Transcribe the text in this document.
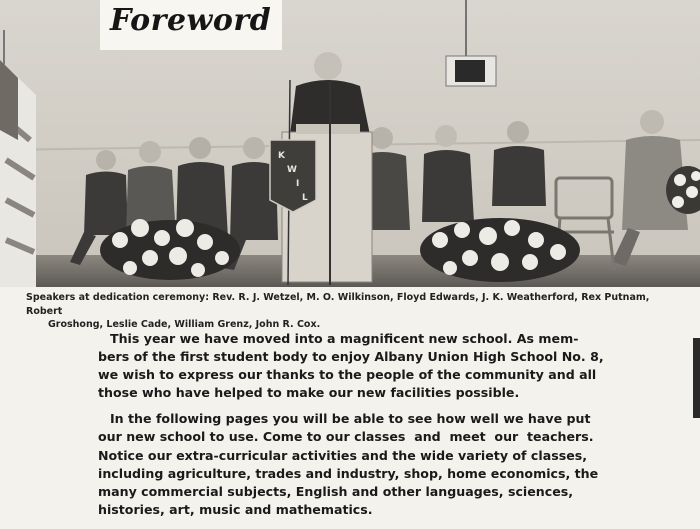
K
W
I
L
Foreword
Speakers at dedication ceremony: Rev. R. J. Wetzel, M. O. Wilkinson, Floyd Edwards, J. K. Weatherford, Rex Putnam, Robert
Groshong, Leslie Cade, William Grenz, John R. Cox.

This year we have moved into a magnificent new school. As mem-
bers of the first student body to enjoy Albany Union High School No. 8,
we wish to express our thanks to the people of the community and all
those who have helped to make our new facilities possible.

In the following pages you will be able to see how well we have put
our new school to use. Come to our classes  and  meet  our  teachers.
Notice our extra-curricular activities and the wide variety of classes,
including agriculture, trades and industry, shop, home economics, the
many commercial subjects, English and other languages, sciences,
histories, art, music and mathematics.
